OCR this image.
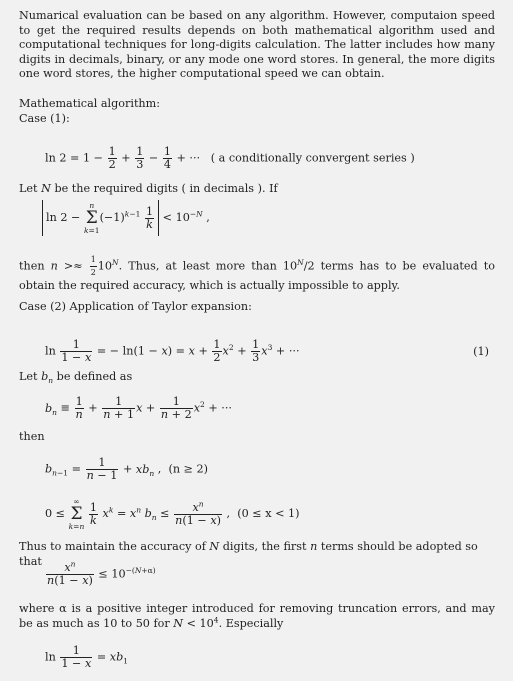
Numarical evaluation can be based on any algorithm. However, computaion speed to get the required results depends on both mathematical algorithm used and computational techniques for long-digits calculation. The latter includes how many digits in decimals, binary, or any mode one word stores. In general, the more digits one word stores, the higher computational speed we can obtain.

Mathematical algorithm:

Case (1):

$\ln 2 = 1 - \frac{1}{2} + \frac{1}{3} - \frac{1}{4}$ + ···   ( a conditionally convergent series )

Let N be the required digits ( in decimals ). If

ln 2 −
n
Σ
k=1
$(-1)^{k-1} \frac{1}{k} < 10^{-N}$ ,

then $n >\approx \frac{1}{2} 10^N$. Thus, at least more than $10^N/2$ terms has to be evaluated to obtain the required accuracy, which is actually impossible to apply.

Case (2) Application of Taylor expansion:

$\ln \frac{1}{1 - x}$ = − $\ln(1 - x) = x + \frac{1}{2} x^2 + \frac{1}{3} x^3$ + ···	(1)

Let $b_n$ be defined as

$b_n \equiv \frac{1}{n} + \frac{1}{n + 1}$ $x + \frac{1}{n + 2} x^2$ + ···

then

$b_{n-1} = \frac{1}{n - 1} + xb_n$ ,  (n ≥ 2)
0 ≤
∞
Σ
k=n
$\frac{1}{k} x^k = x^n$ $b_n \le \frac{x^n}{n(1 - x)}$ ,  (0 ≤ x < 1)

Thus to maintain the accuracy of N digits, the first n terms should be adopted so that

$\frac{x^n}{n(1 - x)} \le 10^{-(N+\alpha)}$

where α is a positive integer introduced for removing truncation errors, and may be as much as 10 to 50 for $N < 10^4$. Especially

$\ln \frac{1}{1 - x} = xb_1$
